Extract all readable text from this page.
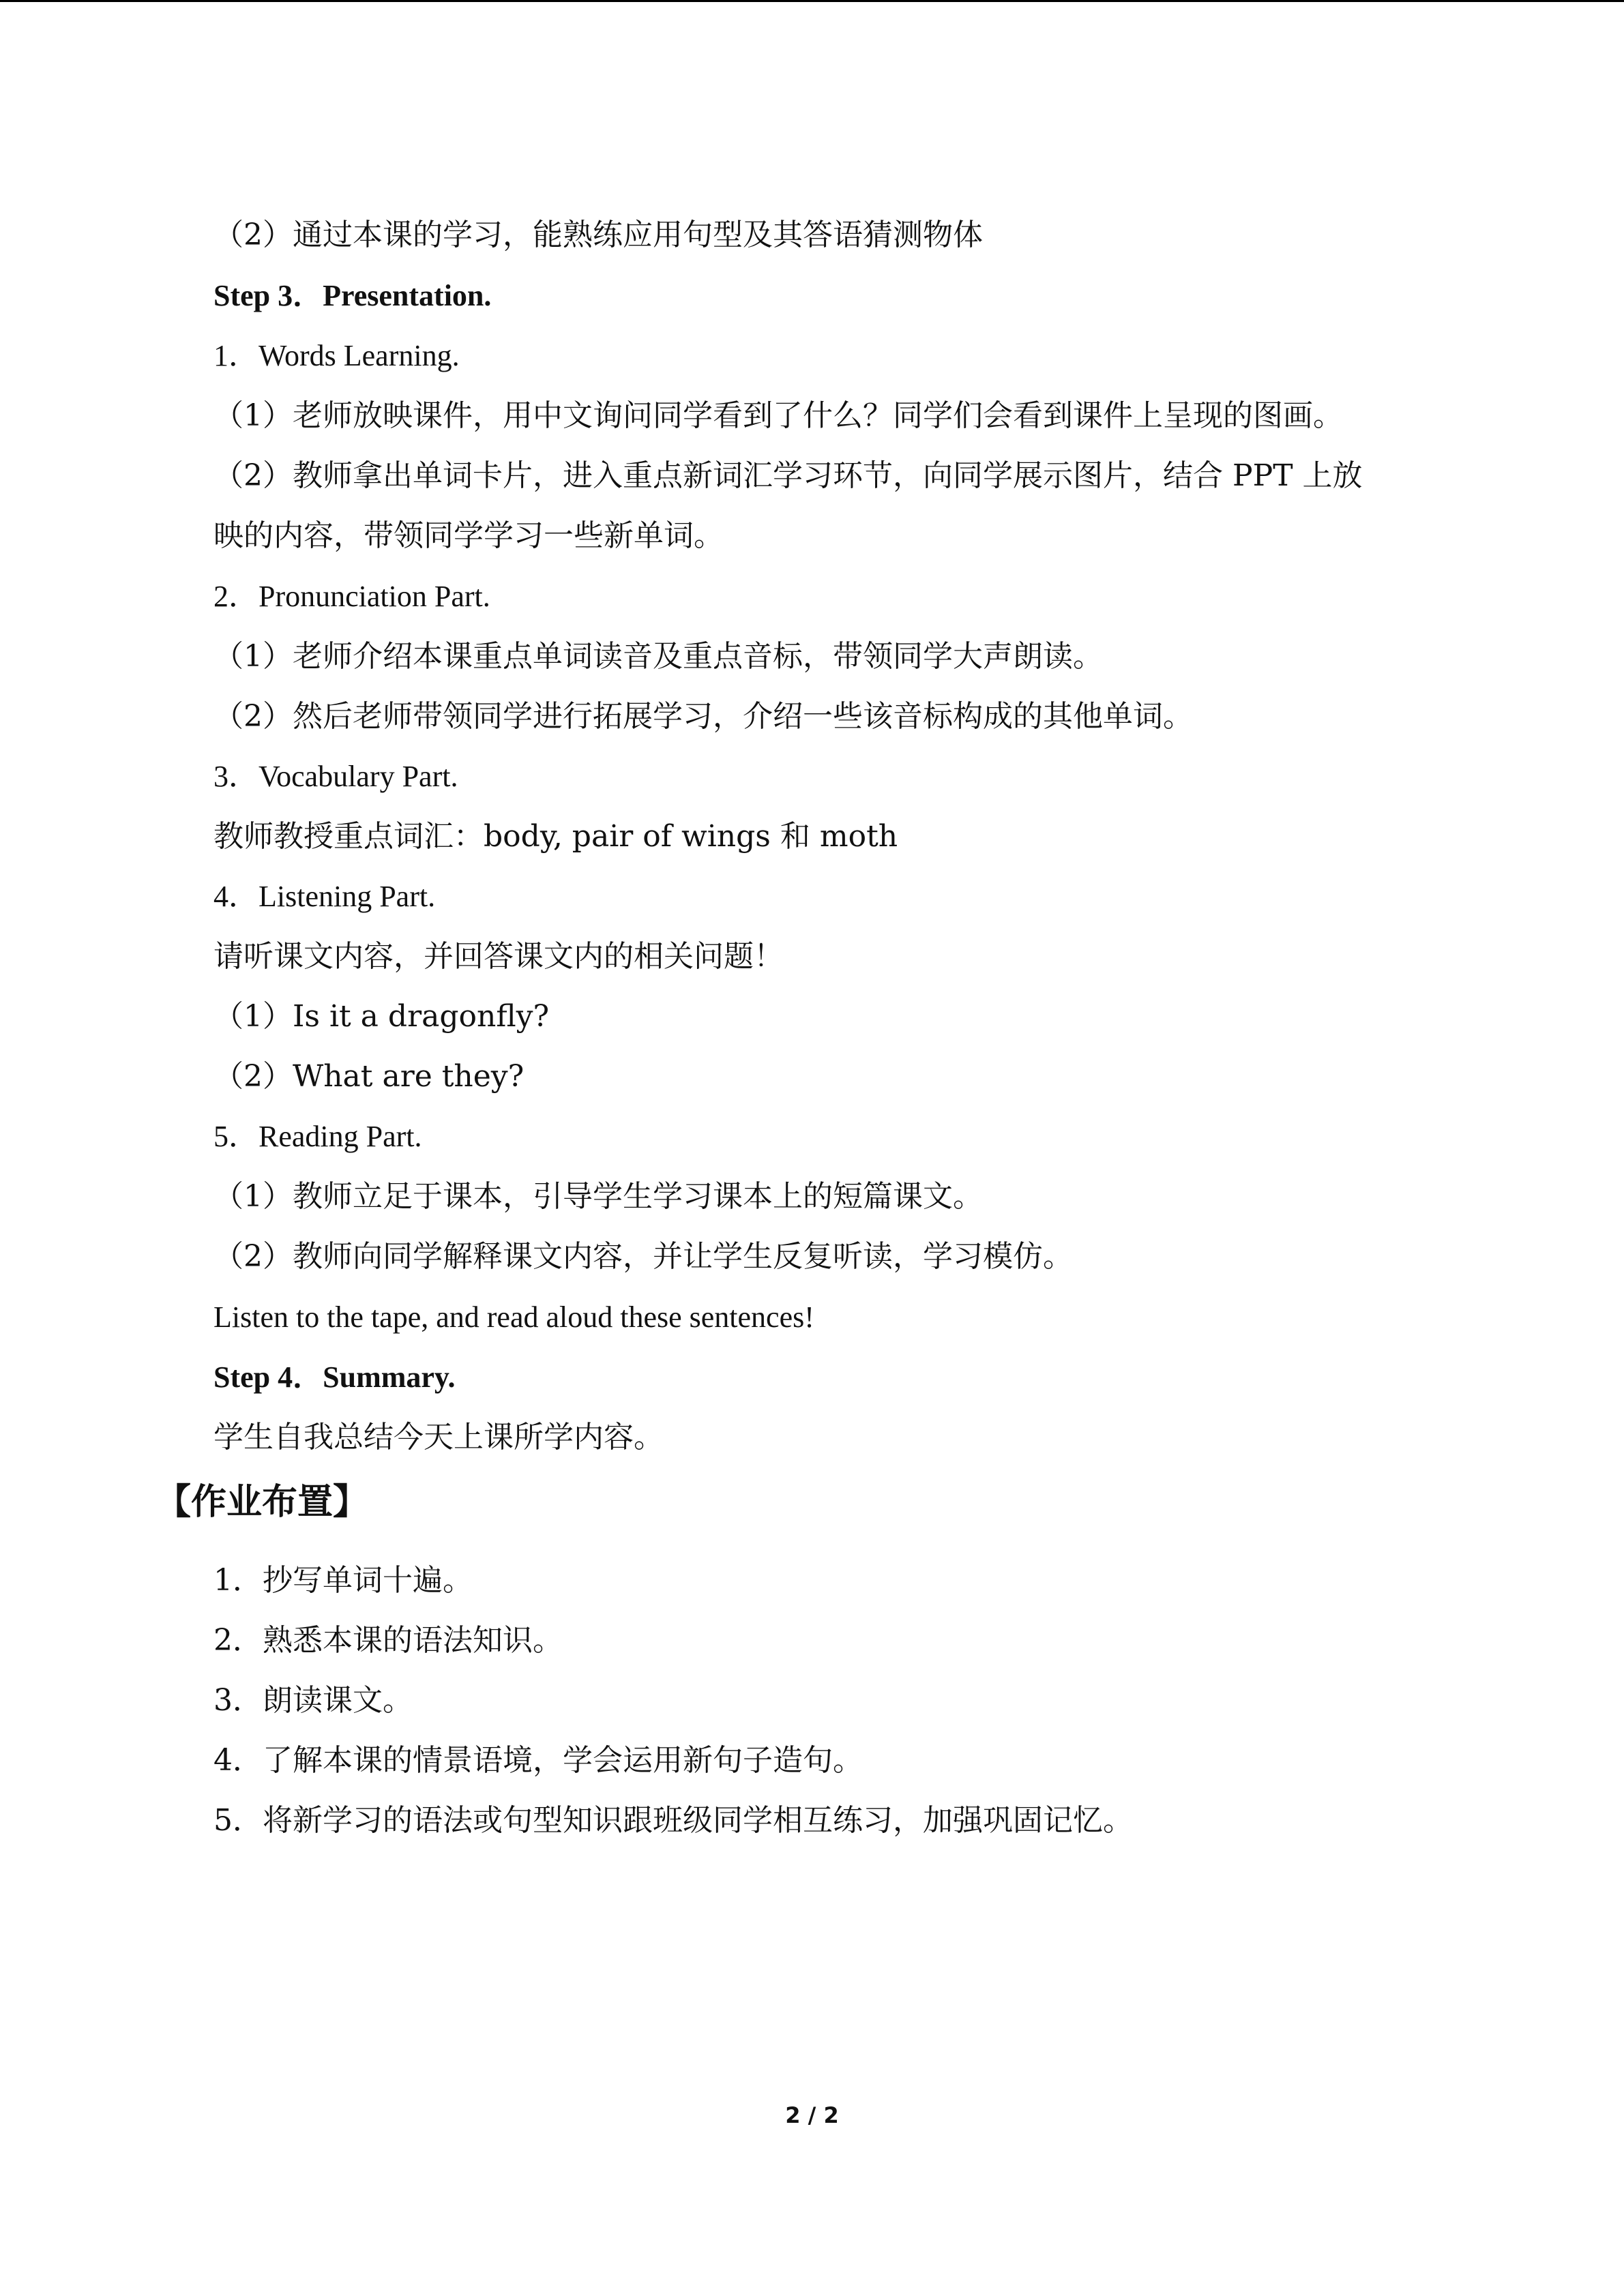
（2）通过本课的学习，能熟练应用句型及其答语猜测物体
Step 3．Presentation.
1．Words Learning.
（1）老师放映课件，用中文询问同学看到了什么？同学们会看到课件上呈现的图画。
（2）教师拿出单词卡片，进入重点新词汇学习环节，向同学展示图片，结合 PPT 上放
映的内容，带领同学学习一些新单词。
2．Pronunciation Part.
（1）老师介绍本课重点单词读音及重点音标，带领同学大声朗读。
（2）然后老师带领同学进行拓展学习，介绍一些该音标构成的其他单词。
3．Vocabulary Part.
教师教授重点词汇：body, pair of wings 和 moth
4．Listening Part.
请听课文内容，并回答课文内的相关问题！
（1）Is it a dragonfly?
（2）What are they?
5．Reading Part.
（1）教师立足于课本，引导学生学习课本上的短篇课文。
（2）教师向同学解释课文内容，并让学生反复听读，学习模仿。
Listen to the tape, and read aloud these sentences!
Step 4．Summary.
学生自我总结今天上课所学内容。
【作业布置】
1．抄写单词十遍。
2．熟悉本课的语法知识。
3．朗读课文。
4．了解本课的情景语境，学会运用新句子造句。
5．将新学习的语法或句型知识跟班级同学相互练习，加强巩固记忆。
2 / 2
